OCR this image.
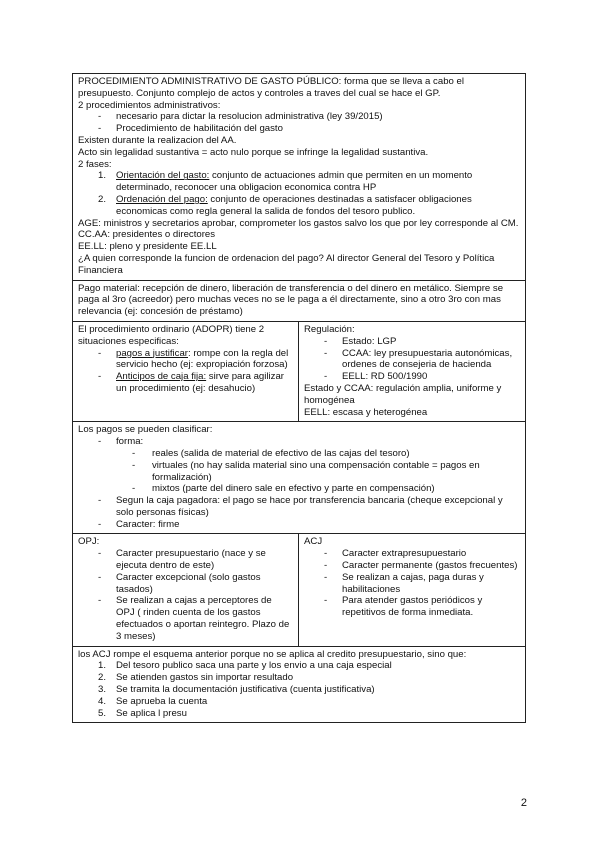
PROCEDIMIENTO ADMINISTRATIVO DE GASTO PÚBLICO: forma que se lleva a cabo el presupuesto. Conjunto complejo de actos y controles a traves del cual se hace el GP.

2 procedimientos administrativos:

- necesario para dictar la resolucion administrativa (ley 39/2015)
- Procedimiento de habilitación del gasto

Existen durante la realizacion del AA.

Acto sin legalidad sustantiva = acto nulo porque se infringe la legalidad sustantiva.

2 fases:

1. Orientación del gasto: conjunto de actuaciones admin que permiten en un momento determinado, reconocer una obligacion economica contra HP
2. Ordenación del pago: conjunto de operaciones destinadas a satisfacer obligaciones economicas como regla general la salida de fondos del tesoro publico.

AGE: ministros y secretarios aprobar, comprometer los gastos salvo los que por ley corresponde al CM.

CC.AA: presidentes o directores

EE.LL: pleno y presidente EE.LL

¿A quien corresponde la funcion de ordenacion del pago? Al director General del Tesoro y Política Financiera

Pago material: recepción de dinero, liberación de transferencia o del dinero en metálico. Siempre se paga al 3ro (acreedor) pero muchas veces no se le paga a él directamente, sino a otro 3ro con mas relevancia (ej: concesión de préstamo)

El procedimiento ordinario (ADOPR) tiene 2 situaciones especificas:

- pagos a justificar: rompe con la regla del servicio hecho (ej: expropiación forzosa)
- Anticipos de caja fija: sirve para agilizar un procedimiento (ej: desahucio)

Regulación:

- Estado: LGP
- CCAA: ley presupuestaria autonómicas, ordenes de consejeria de hacienda
- EELL: RD 500/1990

Estado y CCAA: regulación amplia, uniforme y homogénea

EELL: escasa y heterogénea

Los pagos se pueden clasificar:

- forma:
- reales (salida de material de efectivo de las cajas del tesoro)
- virtuales (no hay salida material sino una compensación contable = pagos en formalización)
- mixtos (parte del dinero sale en efectivo y parte en compensación)
- Segun la caja pagadora: el pago se hace por transferencia bancaria (cheque excepcional y solo personas físicas)
- Caracter: firme

OPJ:

- Caracter presupuestario (nace y se ejecuta dentro de este)
- Caracter excepcional (solo gastos tasados)
- Se realizan a cajas a perceptores de OPJ ( rinden cuenta de los gastos efectuados o aportan reintegro. Plazo de 3 meses)

ACJ

- Caracter extrapresupuestario
- Caracter permanente (gastos frecuentes)
- Se realizan a cajas, paga duras y habilitaciones
- Para atender gastos periódicos y repetitivos de forma inmediata.

los ACJ rompe el esquema anterior porque no se aplica al credito presupuestario, sino que:

1. Del tesoro publico saca una parte y los envio a una caja especial
2. Se atienden gastos sin importar resultado
3. Se tramita la documentación justificativa (cuenta justificativa)
4. Se aprueba la cuenta
5. Se aplica l presu
2
